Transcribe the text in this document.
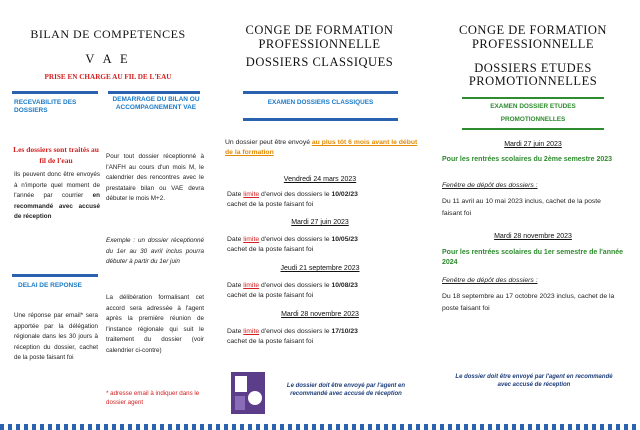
BILAN DE COMPETENCES
V A E
PRISE EN CHARGE AU FIL DE L'EAU
RECEVABILITE DES DOSSIERS
DEMARRAGE DU BILAN OU ACCOMPAGNEMENT VAE
Les dossiers sont traités au fil de l'eau
Ils peuvent donc être envoyés à n'importe quel moment de l'année par courrier en recommandé avec accusé de réception
DELAI DE REPONSE
Une réponse par email* sera apportée par la délégation régionale dans les 30 jours à réception du dossier, cachet de la poste faisant foi
Pour tout dossier réceptionné à l'ANFH au cours d'un mois M, le calendrier des rencontres avec le prestataire bilan ou VAE devra débuter le mois M+2.
Exemple : un dossier réceptionné du 1er au 30 avril inclus pourra débuter à partir du 1er juin
La délibération formalisant cet accord sera adressée à l'agent après la première réunion de l'instance régionale qui suit le traitement du dossier (voir calendrier ci-contre)
* adresse email à indiquer dans le dossier agent
CONGE DE FORMATION
PROFESSIONNELLE
DOSSIERS CLASSIQUES
EXAMEN DOSSIERS CLASSIQUES
Un dossier peut être envoyé au plus tôt 6 mois avant le début de la formation
Vendredi 24 mars 2023
Date limite d'envoi des dossiers le 10/02/23
cachet de la poste faisant foi
Mardi 27 juin 2023
Date limite d'envoi des dossiers le 10/05/23
cachet de la poste faisant foi
Jeudi 21 septembre 2023
Date limite d'envoi des dossiers le 10/08/23
cachet de la poste faisant foi
Mardi 28 novembre 2023
Date limite d'envoi des dossiers le 17/10/23
cachet de la poste faisant foi
Le dossier doit être envoyé par l'agent en recommandé avec accusé de réception
CONGE DE FORMATION
PROFESSIONNELLE
DOSSIERS ETUDES
PROMOTIONNELLES
EXAMEN DOSSIER ETUDES
PROMOTIONNELLES
Mardi 27 juin 2023
Pour les rentrées scolaires du 2ème semestre 2023
Fenêtre de dépôt des dossiers :
Du 11 avril au 10 mai 2023 inclus, cachet de la poste faisant foi
Mardi 28 novembre 2023
Pour les rentrées scolaires du 1er semestre de l'année 2024
Fenêtre de dépôt des dossiers :
Du 18 septembre au 17 octobre 2023 inclus, cachet de la poste faisant foi
Le dossier doit être envoyé par l'agent en recommandé avec accusé de réception
